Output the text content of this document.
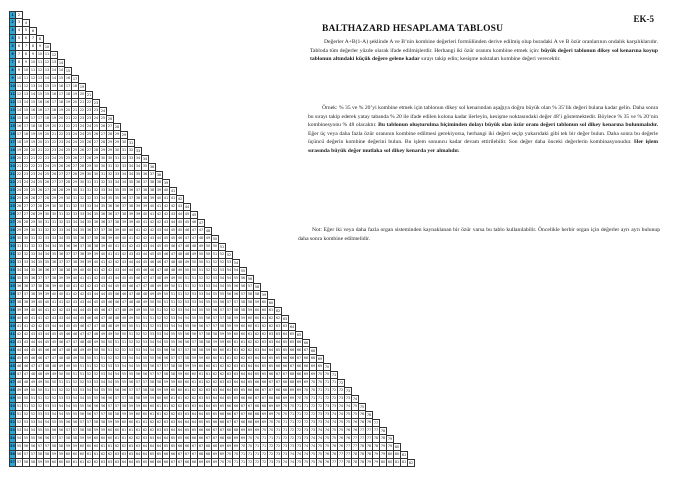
1	2
2	3	4
3	4	5	6
4	5	6	7	8
5	6	7	8	9	10
6	7	8	9	10 11 12
7	8	9	10 11 12 13 14
8	9	10 11 12 13 14 14 15
9 10 11 12 13 14 14 15 16 17
10 11 12 13 14 15 15 16 17 18 19
11 12 13 14 15 15 16 17 18 19 20 21
12 13 14 15 16 16 17 18 19 20 21 22 23
13 14 15 16 16 17 18 19 20 21 22 23 23 24
14 15 16 17 17 18 19 20 21 22 23 23 24 25 26
15 16 17 18 18 19 20 21 22 23 24 24 25 26 27 28
16 17 18 19 19 20 21 22 23 24 24 25 26 27 28 29 29
17 18 19 19 20 21 22 23 24 24 25 26 27 28 29 29 30 31
18 19 20 20 21 22 23 24 25 25 26 27 28 29 29 30 31 32 33
19 20 21 21 22 23 24 25 25 26 27 28 29 30 30 31 32 33 34 34
20 21 22 22 23 24 25 26 26 27 28 29 30 30 31 32 33 34 34 35 36
21 22 23 23 24 25 26 27 27 28 29 30 30 31 32 33 34 34 35 36 37 38
22 23 24 24 25 26 27 27 28 29 30 31 31 32 33 34 34 35 36 37 38 38 39
23 24 25 25 26 27 28 28 29 30 31 31 32 33 34 35 35 36 37 38 38 39 40 41
24 25 26 26 27 28 29 29 30 31 32 32 33 34 35 35 36 37 38 38 39 40 41 41 42
25 26 27 27 28 29 30 30 31 32 33 33 34 35 36 36 37 38 39 39 40 41 42 42 43 44
26 27 27 28 29 30 30 31 32 33 33 34 35 36 36 37 38 39 39 40 41 42 42 43 44 45 45
27 28 28 29 30 31 31 32 33 34 34 35 36 36 37 38 39 39 40 41 42 42 43 44 45 45 46 47
28 29 29 30 31 32 32 33 34 34 35 36 37 37 38 39 40 40 41 42 42 43 44 45 45 46 47 47 48
29 30 30 31 32 33 33 34 35 35 36 37 38 38 39 40 40 41 42 42 43 44 45 45 46 47 47 48 49 50
30 31 31 32 33 34 34 35 36 36 37 38 38 39 40 41 41 42 43 43 44 45 45 46 47 48 48 49 50 50 51
31 32 32 33 34 34 35 36 37 37 38 39 39 40 41 41 42 43 43 44 45 45 46 47 48 48 49 50 50 51 52 52
32 33 33 34 35 35 36 37 37 38 39 39 40 41 42 42 43 44 44 45 46 46 47 48 48 49 50 50 51 52 52 53 54
33 34 34 35 36 36 37 38 38 39 40 40 41 42 42 43 44 44 45 46 46 47 48 48 49 50 50 51 52 52 53 54 54 55
34 35 35 36 37 37 38 39 39 40 41 41 42 43 43 44 45 45 46 47 47 48 49 49 50 51 51 52 52 53 54 54 55 56 56
35 36 36 37 38 38 39 40 40 41 42 42 43 43 44 45 45 46 47 47 48 49 49 50 51 51 52 53 53 54 54 55 56 56 57 58
36 37 37 38 39 39 40 40 41 42 42 43 44 44 45 46 46 47 48 48 49 49 50 51 51 52 53 53 54 55 55 56 56 57 58 58 59
37 38 38 39 40 40 41 41 42 43 43 44 45 45 46 46 47 48 48 49 50 50 51 51 52 53 53 54 55 55 56 57 57 58 58 59 60 60
38 39 39 40 40 41 42 42 43 44 44 45 45 46 47 47 48 49 49 50 50 51 52 52 53 54 54 55 55 56 57 57 58 58 59 60 60 61 62
39 40 40 41 41 42 43 43 44 44 45 46 46 47 48 48 49 49 50 51 51 52 52 53 54 54 55 55 56 57 57 58 59 59 60 60 61 62 62 63
40 41 41 42 42 43 44 44 45 45 46 47 47 48 48 49 50 50 51 51 52 53 53 54 54 55 56 56 57 57 58 59 59 60 60 61 62 62 63 63 64
41 42 42 43 43 44 45 45 46 46 47 47 48 49 49 50 50 51 52 52 53 53 54 55 55 56 56 57 58 58 59 59 60 60 61 62 62 63 63 64 65 65
42 43 43 44 44 45 45 46 47 47 48 48 49 50 50 51 51 52 52 53 54 54 55 55 56 56 57 58 58 59 59 60 61 61 62 62 63 63 64 65 65 66 66
43 44 44 45 45 46 46 47 48 48 49 49 50 50 51 52 52 53 53 54 54 55 56 56 57 57 58 58 59 60 60 61 61 62 62 63 64 64 65 65 66 66 67 68
44 45 45 46 46 47 47 48 48 49 50 50 51 51 52 52 53 54 54 55 55 56 56 57 57 58 59 59 60 60 61 61 62 62 63 64 64 65 65 66 66 67 68 68 69
45 46 46 47 47 48 48 49 49 50 51 51 52 52 53 53 54 54 55 55 56 57 57 58 58 59 59 60 60 61 62 62 63 63 64 64 65 65 66 66 67 68 68 69 69 70
46 47 47 48 48 49 49 50 50 51 51 52 52 53 54 54 55 55 56 56 57 57 58 58 59 60 60 61 61 62 62 63 63 64 64 65 65 66 67 67 68 68 69 69 70 70 71
47 48 48 49 49 50 50 51 51 52 52 53 53 54 54 55 55 56 57 57 58 58 59 59 60 60 61 61 62 62 63 63 64 64 65 66 66 67 67 68 68 69 69 70 70 71 71 72
48 49 49 50 50 51 51 52 52 53 53 54 54 55 55 56 56 57 57 58 58 59 59 60 60 61 62 62 63 63 64 64 65 65 66 66 67 67 68 68 69 69 70 70 71 71 72 72 73
49 50 50 51 51 52 52 53 53 54 54 55 55 56 56 57 57 58 58 59 59 60 60 61 61 62 62 63 63 64 64 65 65 66 66 67 67 68 68 69 69 70 70 71 71 72 72 73 73 74
50 51 51 52 52 53 53 54 54 55 55 56 56 56 57 57 58 59 59 60 60 61 61 62 62 63 63 64 64 65 65 66 66 67 67 68 68 69 69 70 70 71 71 72 72 73 73 74 74 75 75
51 51 52 52 53 53 54 54 55 55 56 56 57 57 58 58 59 59 60 60 61 61 62 62 63 63 64 64 65 65 66 66 67 67 68 68 69 69 70 70 71 71 72 72 73 73 74 74 75 75 76 76
52 52 53 53 54 54 55 55 56 56 57 57 58 58 59 59 60 60 61 61 62 62 63 63 64 64 64 65 65 66 66 67 67 68 68 69 69 70 70 71 71 72 72 73 73 74 74 75 75 76 76 76 77
53 53 54 54 55 55 56 56 57 57 58 58 59 59 60 60 61 61 61 62 62 63 63 64 64 65 65 66 66 67 67 68 68 69 69 69 70 70 71 71 72 72 73 73 74 74 75 75 76 76 77 77 77 78
54 54 55 55 56 56 57 57 58 58 59 59 60 60 60 61 61 62 62 63 63 64 64 65 65 66 66 66 67 67 68 68 69 69 70 70 71 71 71 72 72 73 73 74 74 75 75 76 76 77 77 77 78 78 79
55 55 56 56 57 57 58 58 59 59 60 60 60 61 61 62 62 63 63 64 64 64 65 65 66 66 67 67 68 68 69 69 69 70 70 71 71 72 72 73 73 73 74 74 75 75 76 76 77 77 78 78 78 79 79 80
56 56 57 57 58 58 59 59 60 60 60 61 61 62 62 63 63 63 64 64 65 65 66 66 67 67 67 68 68 69 69 70 70 71 71 71 72 72 73 73 74 74 74 75 75 76 76 77 77 78 78 78 79 79 80 80 81
57 57 58 58 59 59 60 60 60 61 61 62 62 63 63 63 64 64 65 65 66 66 66 67 67 68 68 69 69 69 70 70 71 71 72 72 72 73 73 74 74 75 75 75 76 76 77 77 78 78 78 79 79 80 80 81 81 82
EK-5
BALTHAZARD HESAPLAMA TABLOSU
Değerler A+B(1-A) şeklinde A ve B’nin kombine değerleri formülünden derive edilmiş olup buradaki A ve B özür oranlarının ondalık karşılıklarıdır. Tabloda tüm değerler yüzde olarak ifade edilmişlerdir. Herhangi iki özür oranını kombine etmek için: büyük değeri tablonun dikey sol kenarına koyup tablonun altındaki küçük değere gelene kadar sırayı takip edin; kesişme noktaları kombine değeri verecektir.
Örnek: % 35 ve % 20’yi kombine etmek için tablonun dikey sol kenarından aşağıya doğru büyük olan % 35’lik değeri bulana kadar gelin. Daha sonra bu sırayı takip ederek yatay tabanda % 20 ile ifade edilen kolona kadar ilerleyin, kesişme noktasındaki değer 48’i göstemektedir. Böylece % 35 ve % 20’nin kombinesyonu % 48 olacaktır. Bu tablonun oluşturulma biçiminden dolayı büyük olan özür oranı değeri tablonun sol dikey kenarına bulunmalıdır. Eğer üç veya daha fazla özür oranının kombine edilmesi gerekiyorsa, herhangi iki değeri seçip yukarıdaki gibi tek bir değer bulun. Daha sonra bu değerle üçüncü değerin kombine değerini bulun. Bu işlem sonuncu kadar devam ettirilebilir. Son değer daha önceki değerlerin kombinasyonudur. Her işlem sırasında büyük değer mutlaka sol dikey kenarda yer almalıdır.
Not: Eğer iki veya daha fazla organ sisteminden kaynaklanan bir özür varsa bu tablo kullanılabilir. Öncelikle herbir organ için değerler ayrı ayrı bulunup daha sonra kombine edilmelidir.
